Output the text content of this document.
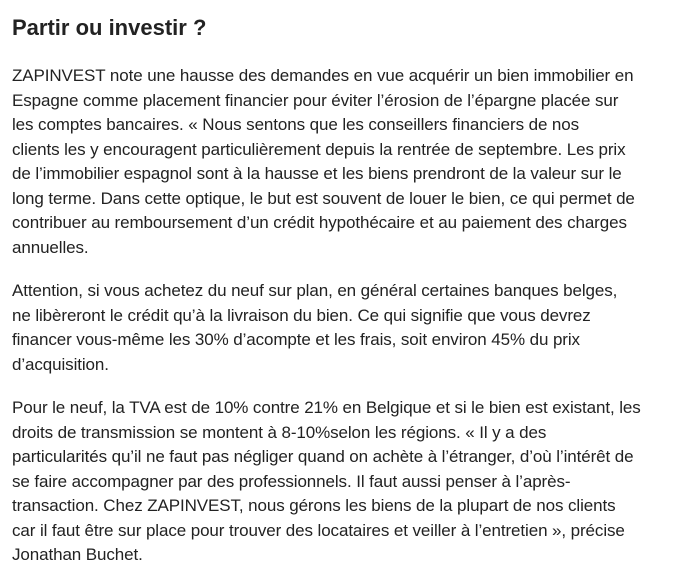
Partir ou investir ?
ZAPINVEST note une hausse des demandes en vue acquérir un bien immobilier en
Espagne comme placement financier pour éviter l’érosion de l’épargne placée sur
les comptes bancaires. « Nous sentons que les conseillers financiers de nos
clients les y encouragent particulièrement depuis la rentrée de septembre. Les prix
de l’immobilier espagnol sont à la hausse et les biens prendront de la valeur sur le
long terme. Dans cette optique, le but est souvent de louer le bien, ce qui permet de
contribuer au remboursement d’un crédit hypothécaire et au paiement des charges
annuelles.
Attention, si vous achetez du neuf sur plan, en général certaines banques belges,
ne libèreront le crédit qu’à la livraison du bien. Ce qui signifie que vous devrez
financer vous-même les 30% d’acompte et les frais, soit environ 45% du prix
d’acquisition.
Pour le neuf, la TVA est de 10% contre 21% en Belgique et si le bien est existant, les
droits de transmission se montent à 8-10%selon les régions. « Il y a des
particularités qu’il ne faut pas négliger quand on achète à l’étranger, d’où l’intérêt de
se faire accompagner par des professionnels. Il faut aussi penser à l’après-
transaction. Chez ZAPINVEST, nous gérons les biens de la plupart de nos clients
car il faut être sur place pour trouver des locataires et veiller à l’entretien », précise
Jonathan Buchet.
